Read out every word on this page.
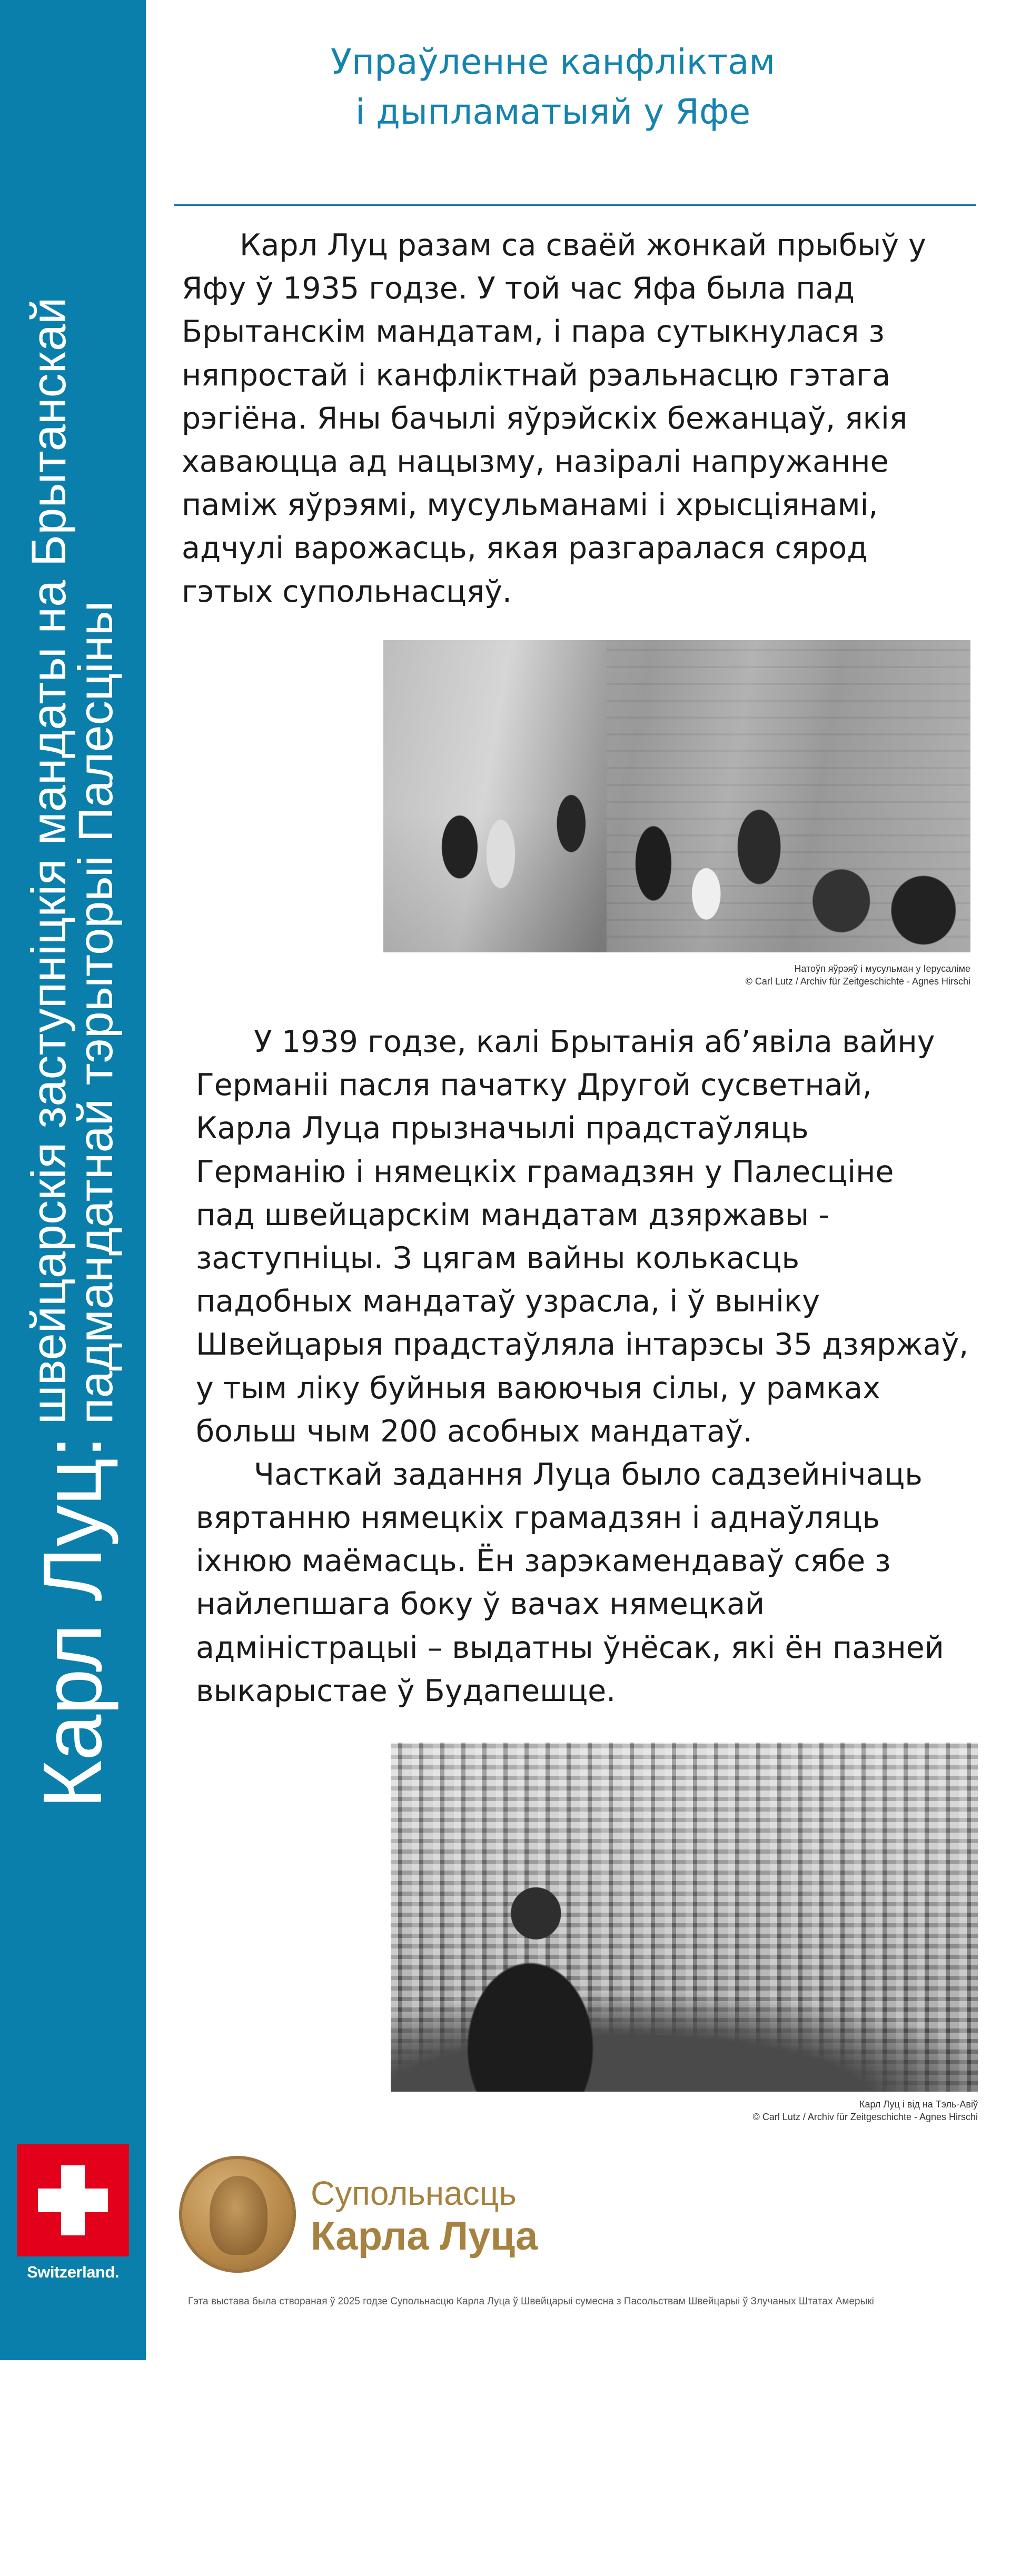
Карл Луц:
швейцарскія заступніцкія мандаты на Брытанскай
падмандатнай тэрыторыі Палесціны
Switzerland.
Упраўленне канфліктам
і дыпламатыяй у Яфе
Карл Луц разам са сваёй жонкай прыбыў у
Яфу ў 1935 годзе. У той час Яфа была пад
Брытанскім мандатам, і пара сутыкнулася з
няпростай і канфліктнай рэальнасцю гэтага
рэгіёна. Яны бачылі яўрэйскіх бежанцаў, якія
хаваюцца ад нацызму, назіралі напружанне
паміж яўрэямі, мусульманамі і хрысціянамі,
адчулі варожасць, якая разгаралася сярод
гэтых супольнасцяў.
Натоўп яўрэяў і мусульман у Іерусаліме
© Carl Lutz / Archiv für Zeitgeschichte - Agnes Hirschi
У 1939 годзе, калі Брытанія аб’явіла вайну
Германіі пасля пачатку Другой сусветнай,
Карла Луца прызначылі прадстаўляць
Германію і нямецкіх грамадзян у Палесціне
пад швейцарскім мандатам дзяржавы -
заступніцы. З цягам вайны колькасць
падобных мандатаў узрасла, і ў выніку
Швейцарыя прадстаўляла інтарэсы 35 дзяржаў,
у тым ліку буйныя ваюючыя сілы, у рамках
больш чым 200 асобных мандатаў.
Часткай задання Луца было садзейнічаць
вяртанню нямецкіх грамадзян і аднаўляць
іхнюю маёмасць. Ён зарэкамендаваў сябе з
найлепшага боку ў вачах нямецкай
адміністрацыі – выдатны ўнёсак, які ён пазней
выкарыстае ў Будапешце.
Карл Луц і від на Тэль-Авіў
© Carl Lutz / Archiv für Zeitgeschichte - Agnes Hirschi
Супольнасць
Карла Луца
Гэта выстава была створаная ў 2025 годзе Супольнасцю Карла Луца ў Швейцарыі сумесна з Пасольствам Швейцарыі ў Злучаных Штатах Амерыкі
